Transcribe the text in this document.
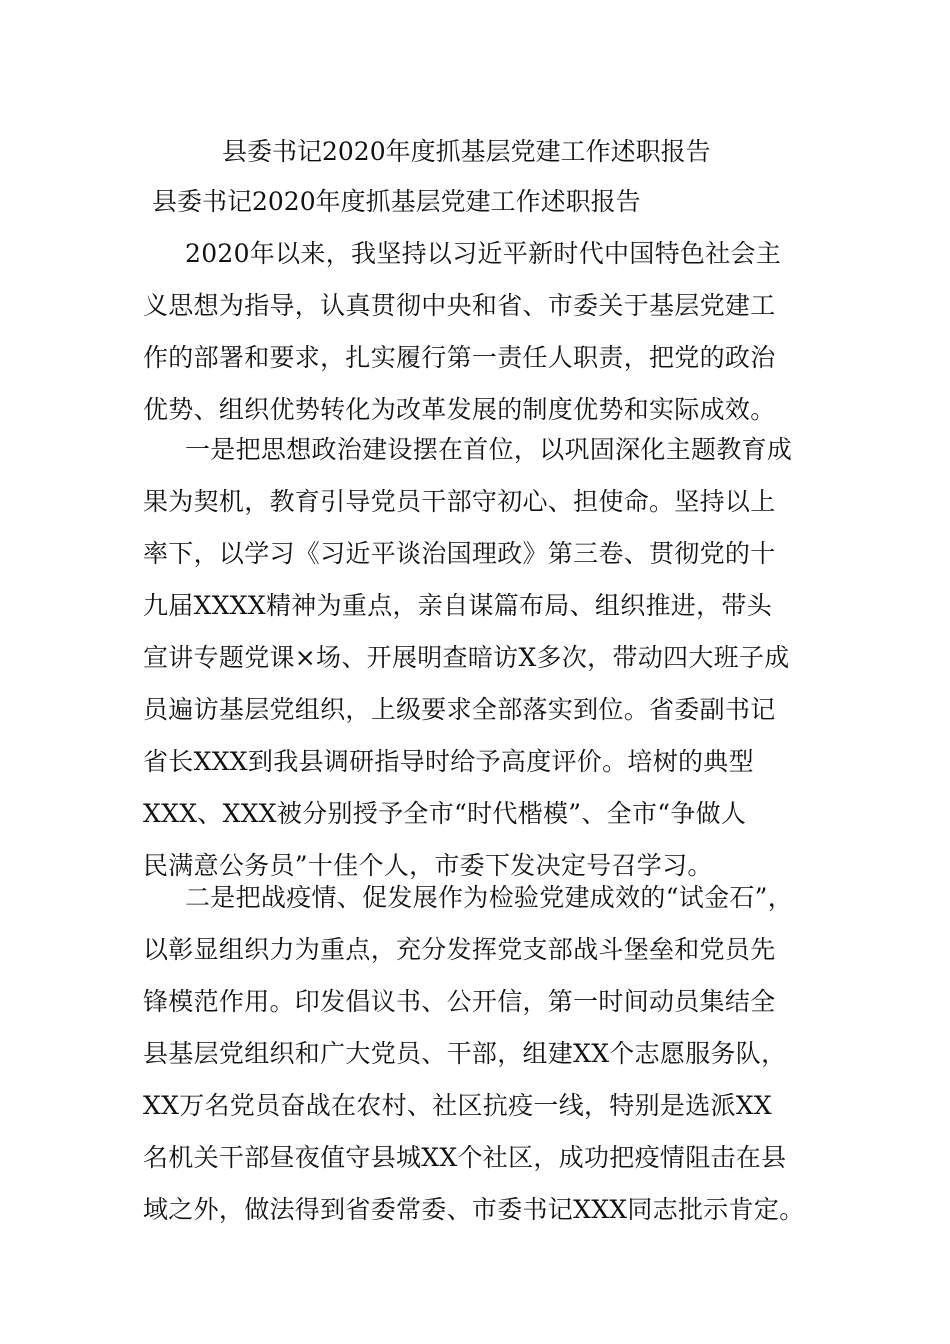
县委书记2020年度抓基层党建工作述职报告
县委书记2020年度抓基层党建工作述职报告
2020年以来，我坚持以习近平新时代中国特色社会主
义思想为指导，认真贯彻中央和省、市委关于基层党建工
作的部署和要求，扎实履行第一责任人职责，把党的政治
优势、组织优势转化为改革发展的制度优势和实际成效。
一是把思想政治建设摆在首位，以巩固深化主题教育成
果为契机，教育引导党员干部守初心、担使命。坚持以上
率下，以学习《习近平谈治国理政》第三卷、贯彻党的十
九届XXXX精神为重点，亲自谋篇布局、组织推进，带头
宣讲专题党课×场、开展明查暗访X多次，带动四大班子成
员遍访基层党组织，上级要求全部落实到位。省委副书记
省长XXX到我县调研指导时给予高度评价。培树的典型
XXX、XXX被分别授予全市“时代楷模”、全市“争做人
民满意公务员”十佳个人，市委下发决定号召学习。
二是把战疫情、促发展作为检验党建成效的“试金石”，
以彰显组织力为重点，充分发挥党支部战斗堡垒和党员先
锋模范作用。印发倡议书、公开信，第一时间动员集结全
县基层党组织和广大党员、干部，组建XX个志愿服务队，
XX万名党员奋战在农村、社区抗疫一线，特别是选派XX
名机关干部昼夜值守县城XX个社区，成功把疫情阻击在县
域之外，做法得到省委常委、市委书记XXX同志批示肯定。
